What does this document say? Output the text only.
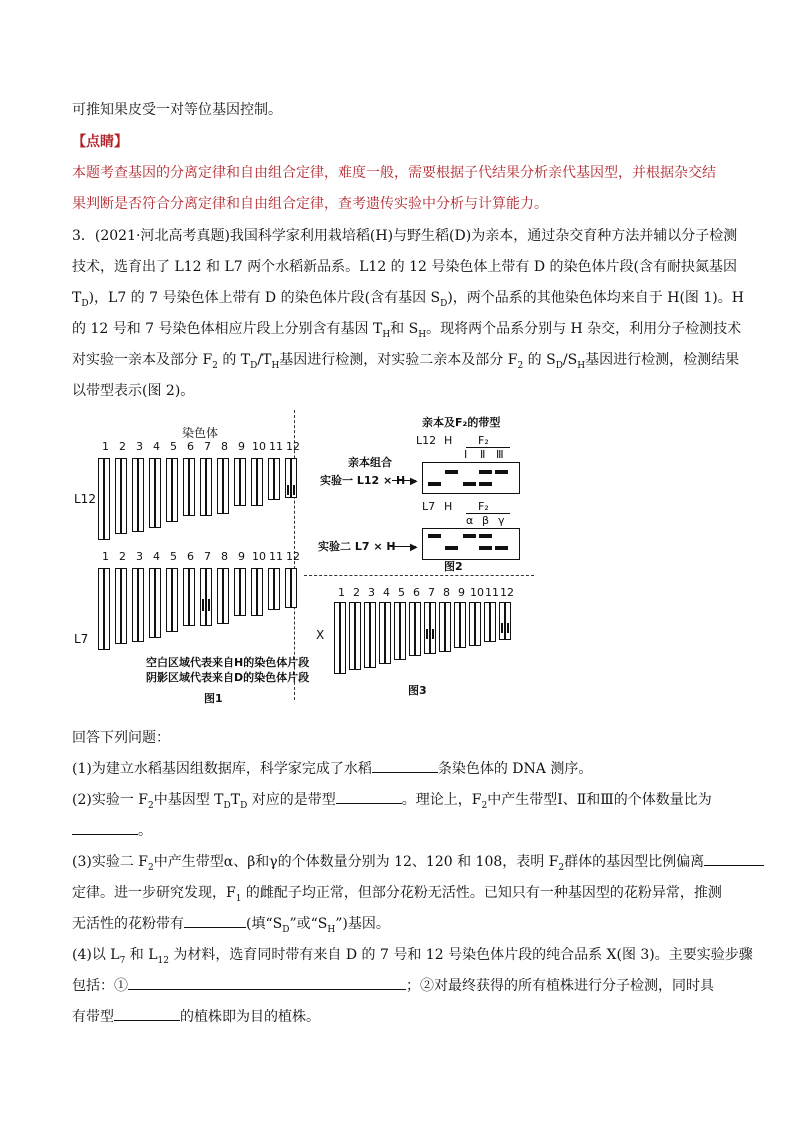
可推知果皮受一对等位基因控制。
【点睛】
本题考查基因的分离定律和自由组合定律，难度一般，需要根据子代结果分析亲代基因型，并根据杂交结
果判断是否符合分离定律和自由组合定律，查考遗传实验中分析与计算能力。
3．(2021·河北高考真题)我国科学家利用栽培稻(H)与野生稻(D)为亲本，通过杂交育种方法并辅以分子检测
技术，选育出了 L12 和 L7 两个水稻新品系。L12 的 12 号染色体上带有 D 的染色体片段(含有耐抉氮基因
$T_D$)，L7 的 7 号染色体上带有 D 的染色体片段(含有基因 $S_D$)，两个品系的其他染色体均来自于 H(图 1)。H
的 12 号和 7 号染色体相应片段上分别含有基因 $T_H$和 $S_H$。现将两个品系分别与 H 杂交，利用分子检测技术
对实验一亲本及部分 $F_2$ 的 $T_D/T_H$基因进行检测，对实验二亲本及部分 $F_2$ 的 $S_D/S_H$基因进行检测，检测结果
以带型表示(图 2)。
染色体
1 2 3 4 5 6 7 8 9 10 11 12
L12
1 2 3 4 5 6 7 8 9 10 11 12
L7
空白区域代表来自H的染色体片段
阴影区域代表来自D的染色体片段
图1
亲本及F₂的带型
亲本组合
L12 H F₂
Ⅰ Ⅱ Ⅲ
实验一 L12 × H ▶
L7 H F₂
α β γ
实验二 L7 × H ▶
图2
1 2 3 4 5 6 7 8 9 10 11 12
X
图3
回答下列问题：
(1)为建立水稻基因组数据库，科学家完成了水稻	条染色体的 DNA 测序。
(2)实验一 $F_2$中基因型 $T_DT_D$ 对应的是带型	。理论上，$F_2$中产生带型Ⅰ、Ⅱ和Ⅲ的个体数量比为
。
(3)实验二 $F_2$中产生带型α、β和γ的个体数量分别为 12、120 和 108，表明 $F_2$群体的基因型比例偏离
定律。进一步研究发现，$F_1$ 的雌配子均正常，但部分花粉无活性。已知只有一种基因型的花粉异常，推测
无活性的花粉带有	(填“$S_D$”或“$S_H$”)基因。
(4)以 $L_7$ 和 $L_{12}$ 为材料，选育同时带有来自 D 的 7 号和 12 号染色体片段的纯合品系 X(图 3)。主要实验步骤
包括：①	；②对最终获得的所有植株进行分子检测，同时具
有带型	的植株即为目的植株。
